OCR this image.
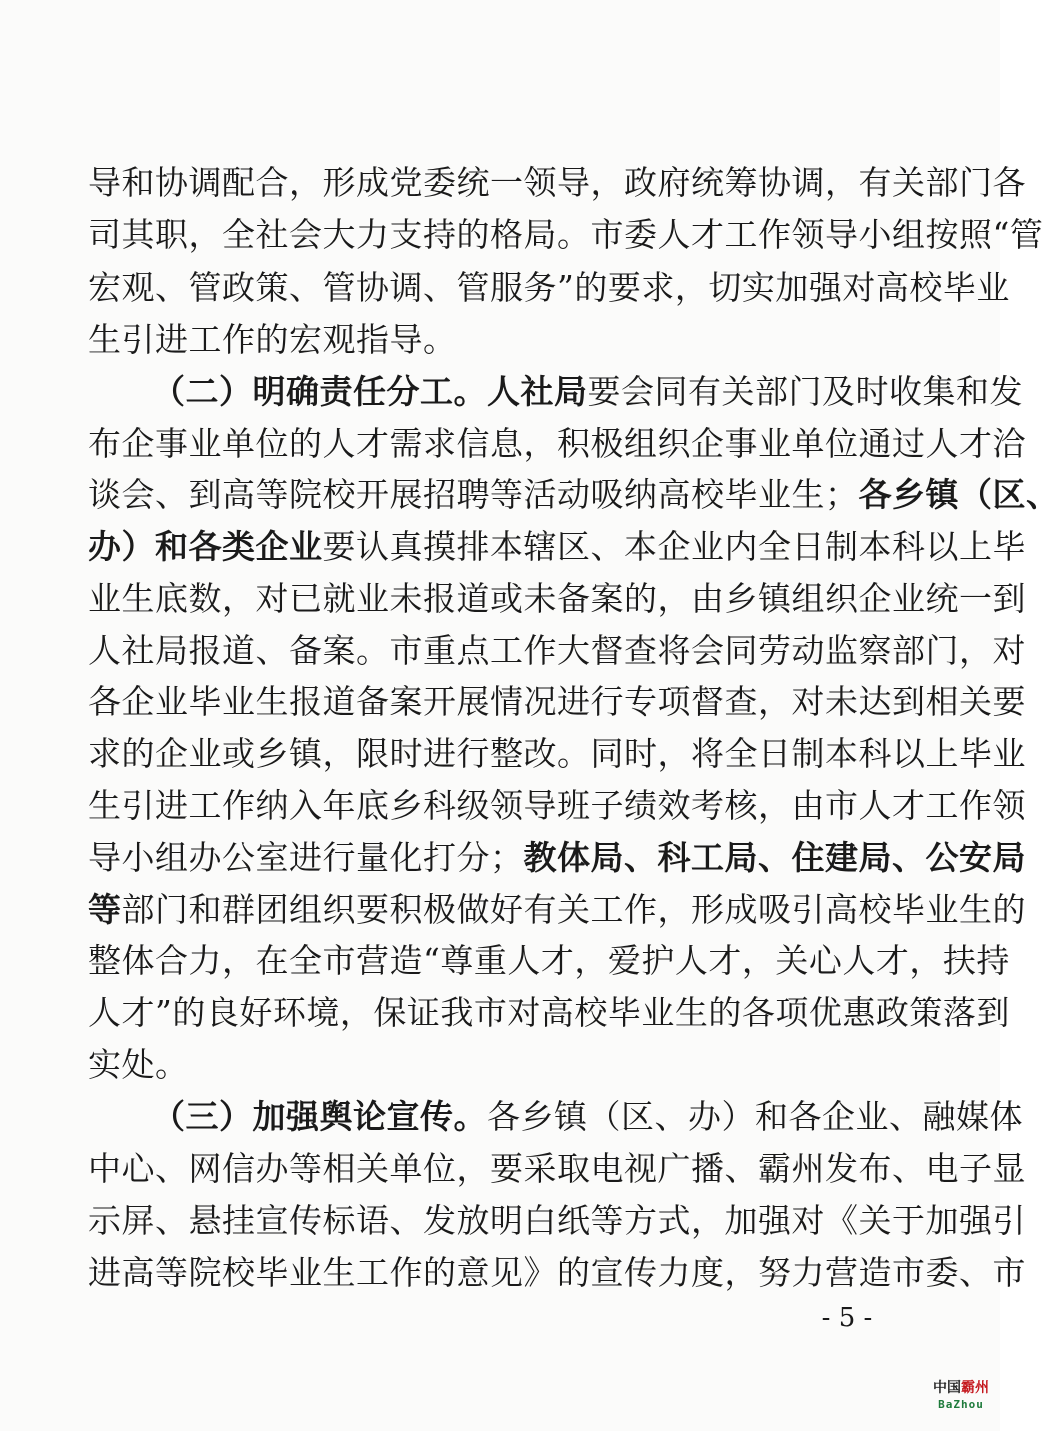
导和协调配合，形成党委统一领导，政府统筹协调，有关部门各
司其职，全社会大力支持的格局。市委人才工作领导小组按照“管
宏观、管政策、管协调、管服务”的要求，切实加强对高校毕业
生引进工作的宏观指导。
（二）明确责任分工。人社局要会同有关部门及时收集和发
布企事业单位的人才需求信息，积极组织企事业单位通过人才洽
谈会、到高等院校开展招聘等活动吸纳高校毕业生；各乡镇（区、
办）和各类企业要认真摸排本辖区、本企业内全日制本科以上毕
业生底数，对已就业未报道或未备案的，由乡镇组织企业统一到
人社局报道、备案。市重点工作大督查将会同劳动监察部门，对
各企业毕业生报道备案开展情况进行专项督查，对未达到相关要
求的企业或乡镇，限时进行整改。同时，将全日制本科以上毕业
生引进工作纳入年底乡科级领导班子绩效考核，由市人才工作领
导小组办公室进行量化打分；教体局、科工局、住建局、公安局
等部门和群团组织要积极做好有关工作，形成吸引高校毕业生的
整体合力，在全市营造“尊重人才，爱护人才，关心人才，扶持
人才”的良好环境，保证我市对高校毕业生的各项优惠政策落到
实处。
（三）加强舆论宣传。各乡镇（区、办）和各企业、融媒体
中心、网信办等相关单位，要采取电视广播、霸州发布、电子显
示屏、悬挂宣传标语、发放明白纸等方式，加强对《关于加强引
进高等院校毕业生工作的意见》的宣传力度，努力营造市委、市
- 5 -
中国霸州
BaZhou
